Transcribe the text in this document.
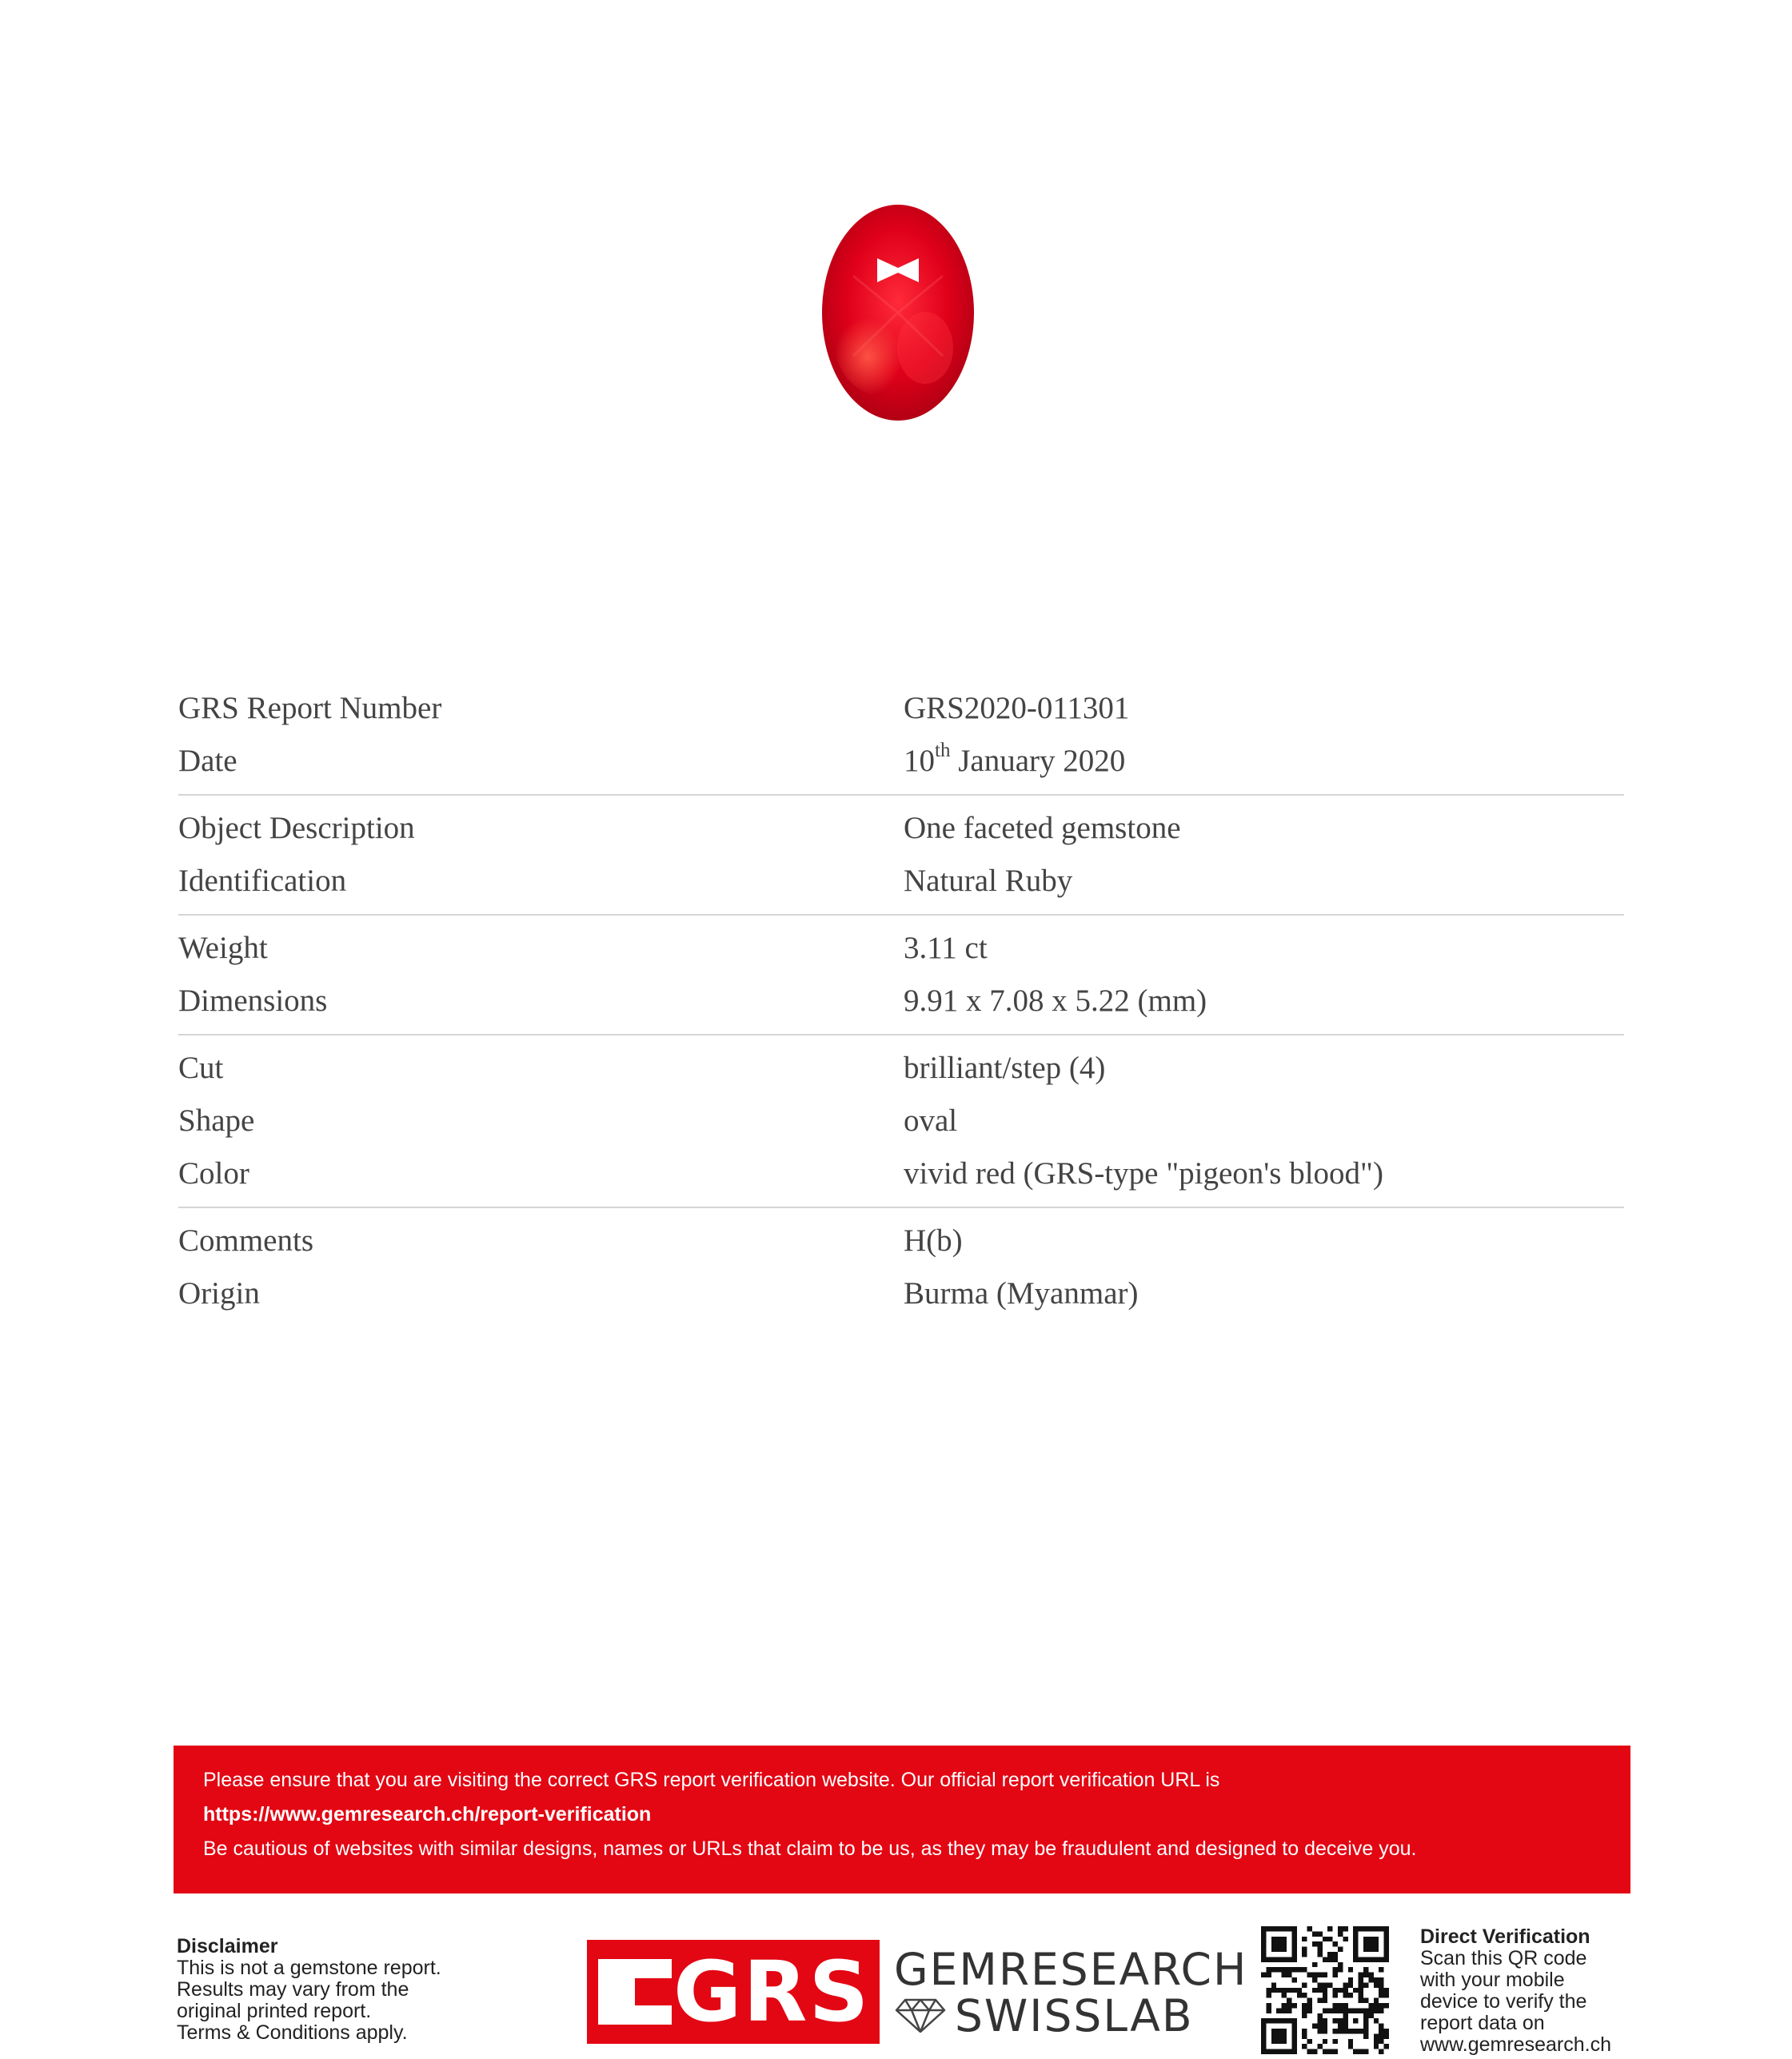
GRS Report Number	GRS2020-011301
Date	10th January 2020
Object Description	One faceted gemstone
Identification	Natural Ruby
Weight	3.11 ct
Dimensions	9.91 x 7.08 x 5.22 (mm)
Cut	brilliant/step (4)
Shape	oval
Color	vivid red (GRS-type "pigeon's blood")
Comments	H(b)
Origin	Burma (Myanmar)
Please ensure that you are visiting the correct GRS report verification website. Our official report verification URL is
https://www.gemresearch.ch/report-verification
Be cautious of websites with similar designs, names or URLs that claim to be us, as they may be fraudulent and designed to deceive you.
Disclaimer
This is not a gemstone report.
Results may vary from the
original printed report.
Terms & Conditions apply.	GRS GEMRESEARCH
SWISSLAB
Direct Verification
Scan this QR code
with your mobile
device to verify the
report data on
www.gemresearch.ch
